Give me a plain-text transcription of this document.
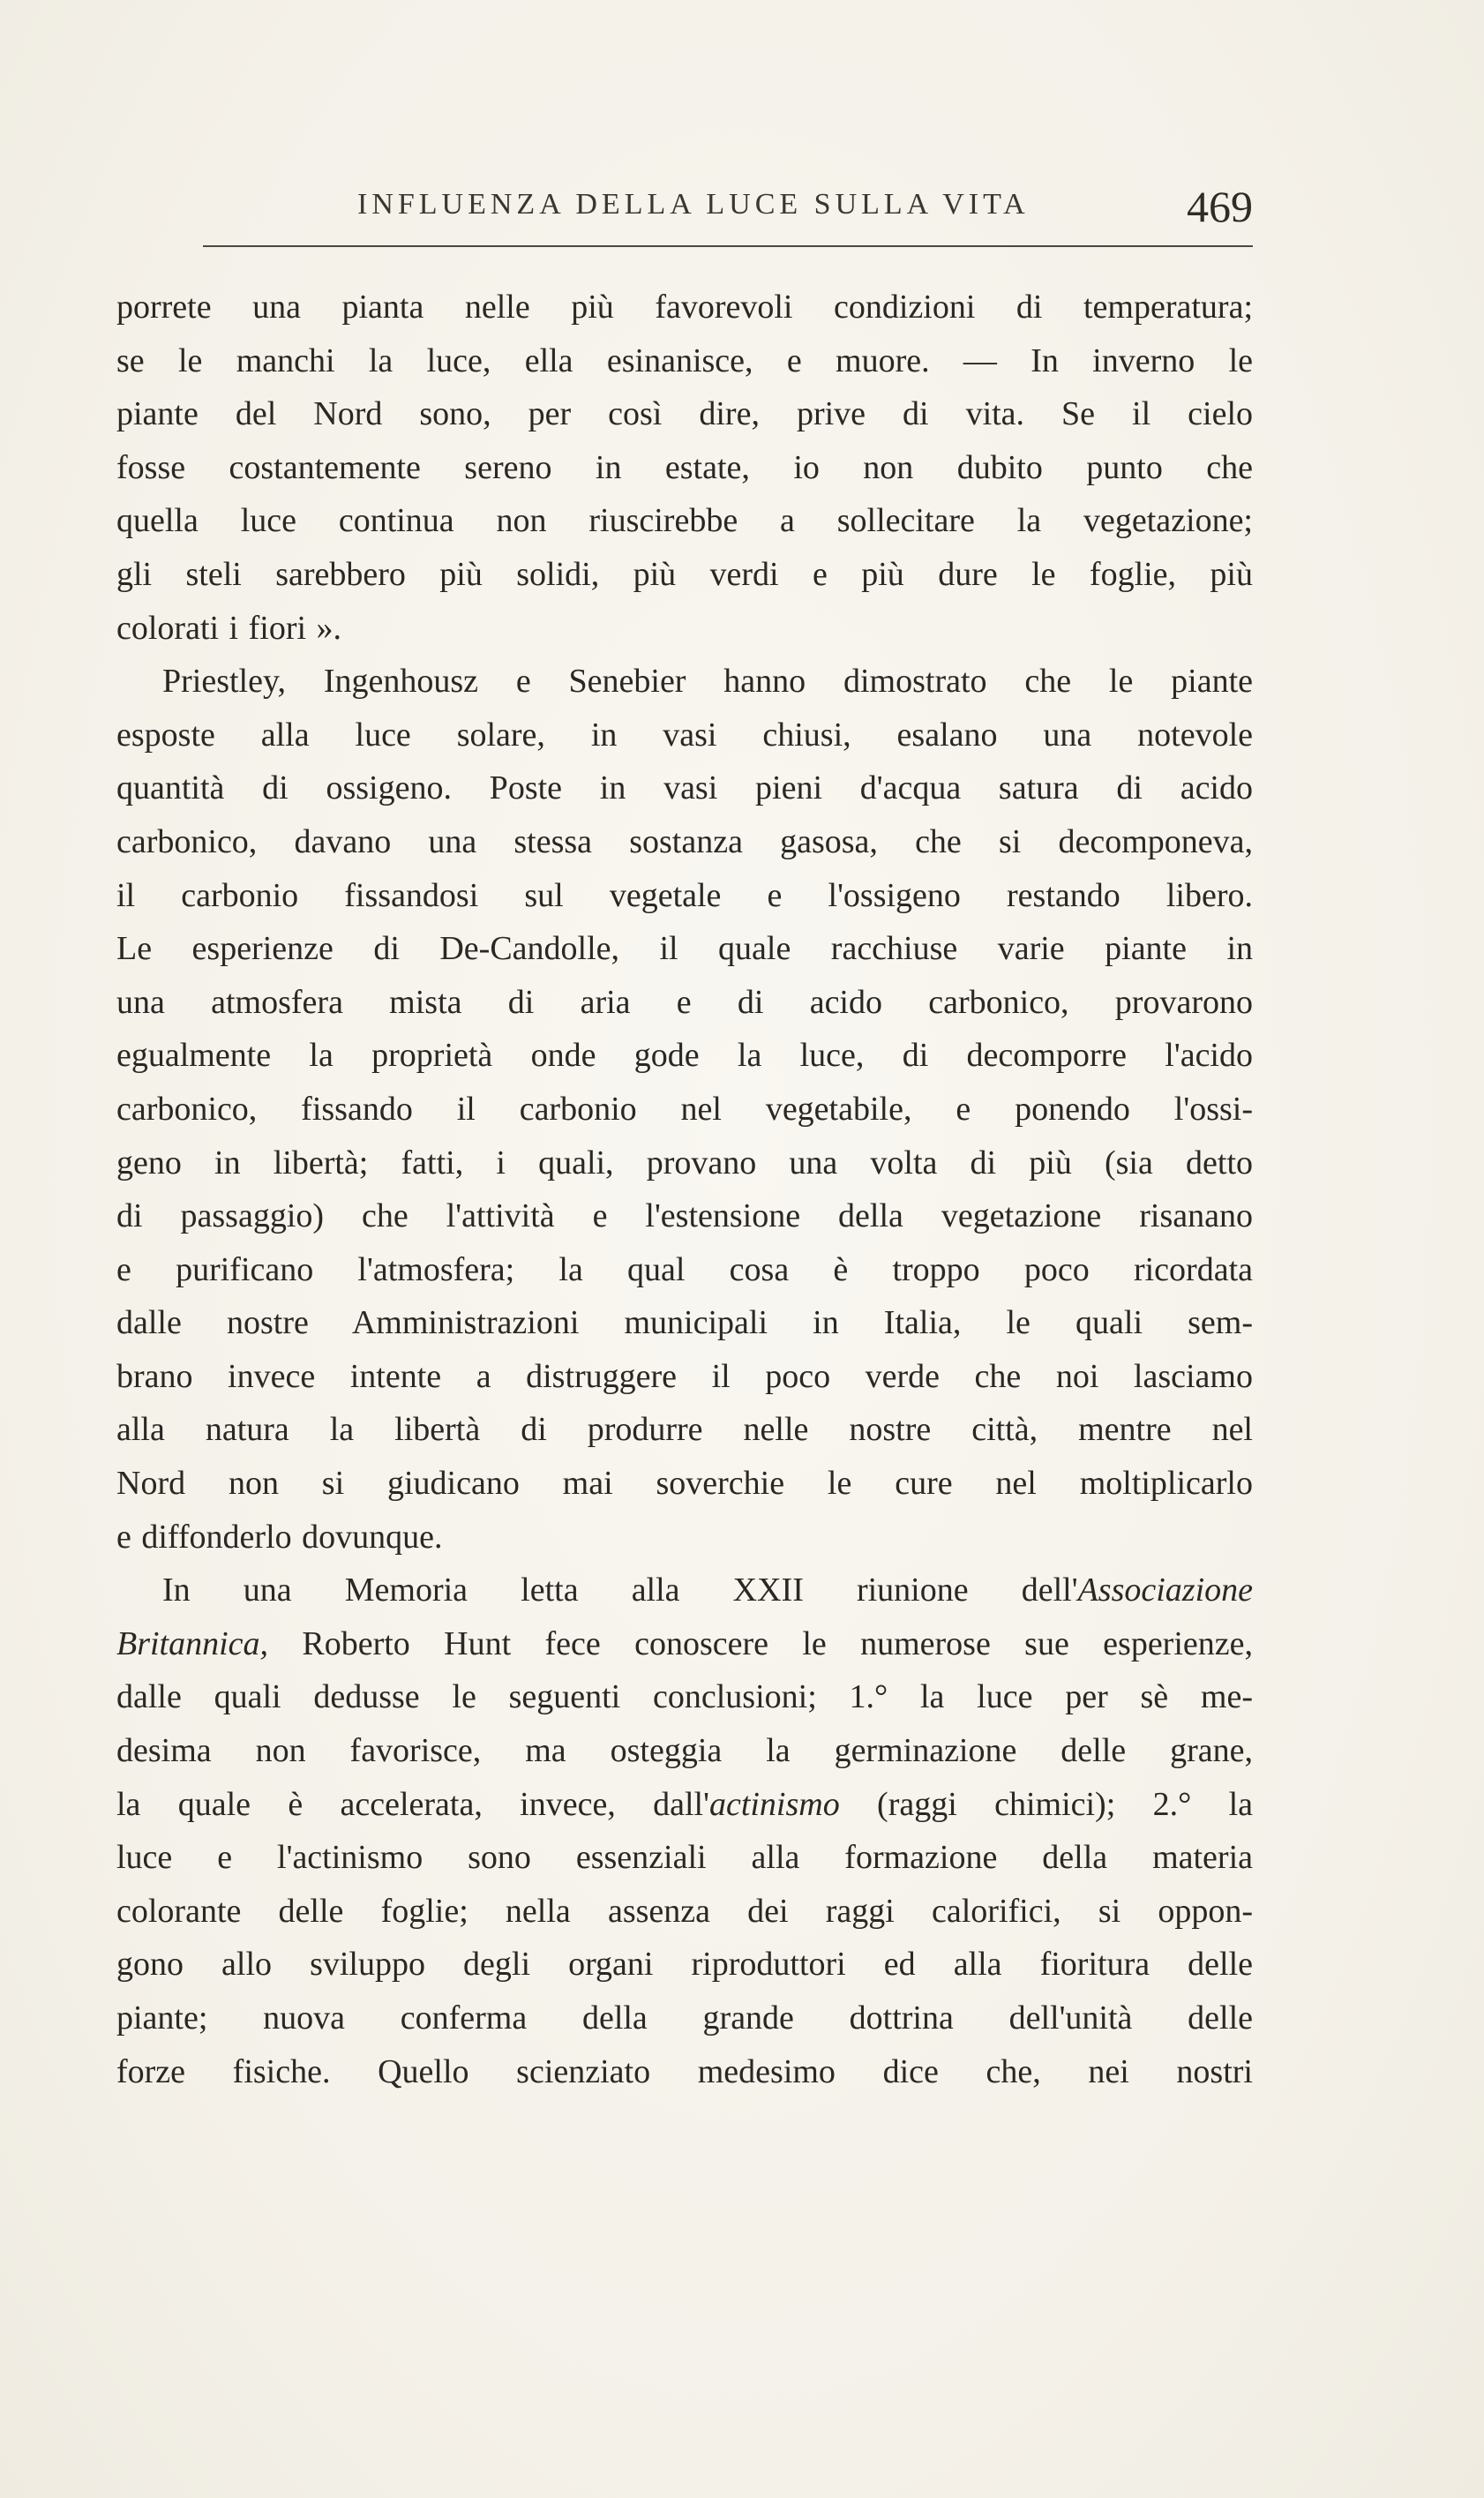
INFLUENZA DELLA LUCE SULLA VITA	469
porrete una pianta nelle più favorevoli condizioni di temperatura;
se le manchi la luce, ella esinanisce, e muore. — In inverno le
piante del Nord sono, per così dire, prive di vita. Se il cielo
fosse costantemente sereno in estate, io non dubito punto che
quella luce continua non riuscirebbe a sollecitare la vegetazione;
gli steli sarebbero più solidi, più verdi e più dure le foglie, più
colorati i fiori ».
Priestley, Ingenhousz e Senebier hanno dimostrato che le piante
esposte alla luce solare, in vasi chiusi, esalano una notevole
quantità di ossigeno. Poste in vasi pieni d'acqua satura di acido
carbonico, davano una stessa sostanza gasosa, che si decomponeva,
il carbonio fissandosi sul vegetale e l'ossigeno restando libero.
Le esperienze di De-Candolle, il quale racchiuse varie piante in
una atmosfera mista di aria e di acido carbonico, provarono
egualmente la proprietà onde gode la luce, di decomporre l'acido
carbonico, fissando il carbonio nel vegetabile, e ponendo l'ossi-
geno in libertà; fatti, i quali, provano una volta di più (sia detto
di passaggio) che l'attività e l'estensione della vegetazione risanano
e purificano l'atmosfera; la qual cosa è troppo poco ricordata
dalle nostre Amministrazioni municipali in Italia, le quali sem-
brano invece intente a distruggere il poco verde che noi lasciamo
alla natura la libertà di produrre nelle nostre città, mentre nel
Nord non si giudicano mai soverchie le cure nel moltiplicarlo
e diffonderlo dovunque.
In una Memoria letta alla XXII riunione dell'Associazione
Britannica, Roberto Hunt fece conoscere le numerose sue esperienze,
dalle quali dedusse le seguenti conclusioni; 1.° la luce per sè me-
desima non favorisce, ma osteggia la germinazione delle grane,
la quale è accelerata, invece, dall'actinismo (raggi chimici); 2.° la
luce e l'actinismo sono essenziali alla formazione della materia
colorante delle foglie; nella assenza dei raggi calorifici, si oppon-
gono allo sviluppo degli organi riproduttori ed alla fioritura delle
piante; nuova conferma della grande dottrina dell'unità delle
forze fisiche. Quello scienziato medesimo dice che, nei nostri
